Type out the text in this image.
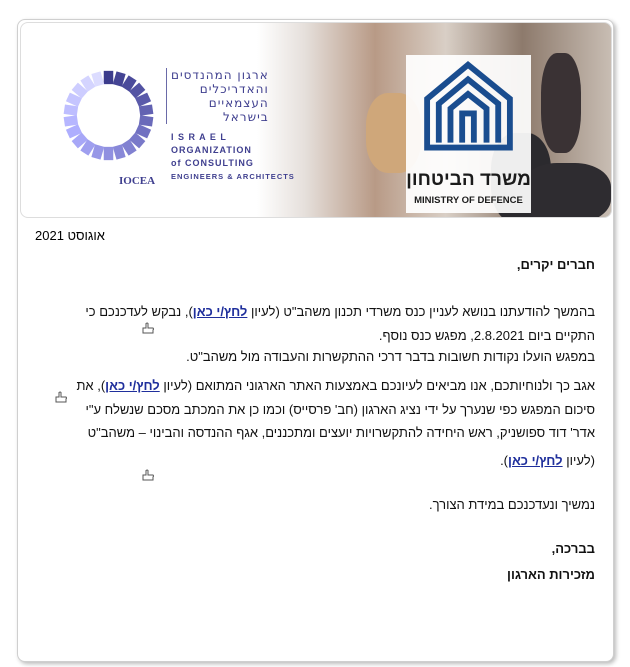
ארגון המהנדסים
והאדריכלים
העצמאיים
בישראל
I S R A E L
ORGANIZATION
of CONSULTING
ENGINEERS & ARCHITECTS
IOCEA	משרד הביטחון
MINISTRY OF DEFENCE
אוגוסט 2021
חברים יקרים,
בהמשך להודעתנו בנושא לעניין כנס משרדי תכנון משהב"ט (לעיון לחץ/י כאן), נבקש לעדכנכם כי
התקיים ביום 2.8.2021, מפגש כנס נוסף.
במפגש הועלו נקודות חשובות בדבר דרכי ההתקשרות והעבודה מול משהב"ט.
אגב כך ולנוחיותכם, אנו מביאים לעיונכם באמצעות האתר הארגוני המתואם (לעיון לחץ/י כאן), את
סיכום המפגש כפי שנערך על ידי נציג הארגון (חב' פרסייס) וכמו כן את המכתב מסכם שנשלח ע"י
אדר' דוד ספושניק, ראש היחידה להתקשרויות יועצים ומתכננים, אגף ההנדסה והבינוי – משהב"ט
(לעיון לחץ/י כאן).
נמשיך ונעדכנכם במידת הצורך.
בברכה,
מזכירות הארגון
